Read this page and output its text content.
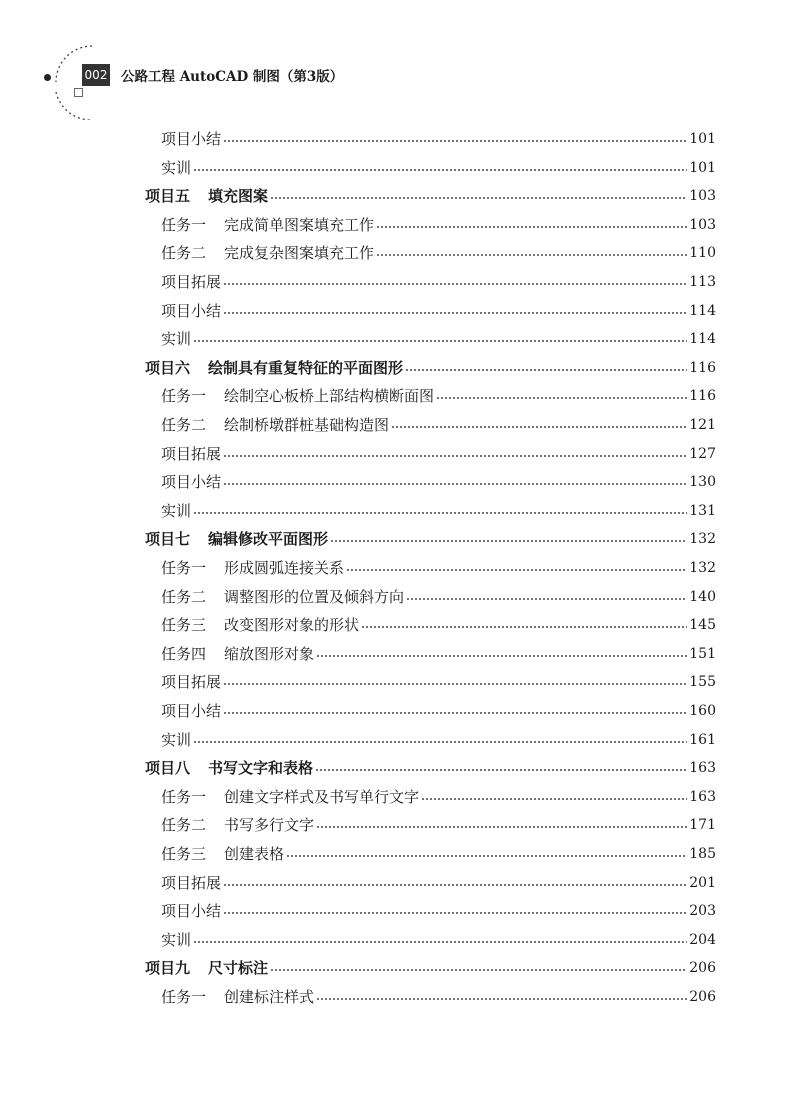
002 公路工程 AutoCAD 制图（第3版）
项目小结	101
实训	101
项目五 填充图案	103
任务一 完成简单图案填充工作	103
任务二 完成复杂图案填充工作	110
项目拓展	113
项目小结	114
实训	114
项目六 绘制具有重复特征的平面图形	116
任务一 绘制空心板桥上部结构横断面图	116
任务二 绘制桥墩群桩基础构造图	121
项目拓展	127
项目小结	130
实训	131
项目七 编辑修改平面图形	132
任务一 形成圆弧连接关系	132
任务二 调整图形的位置及倾斜方向	140
任务三 改变图形对象的形状	145
任务四 缩放图形对象	151
项目拓展	155
项目小结	160
实训	161
项目八 书写文字和表格	163
任务一 创建文字样式及书写单行文字	163
任务二 书写多行文字	171
任务三 创建表格	185
项目拓展	201
项目小结	203
实训	204
项目九 尺寸标注	206
任务一 创建标注样式	206
